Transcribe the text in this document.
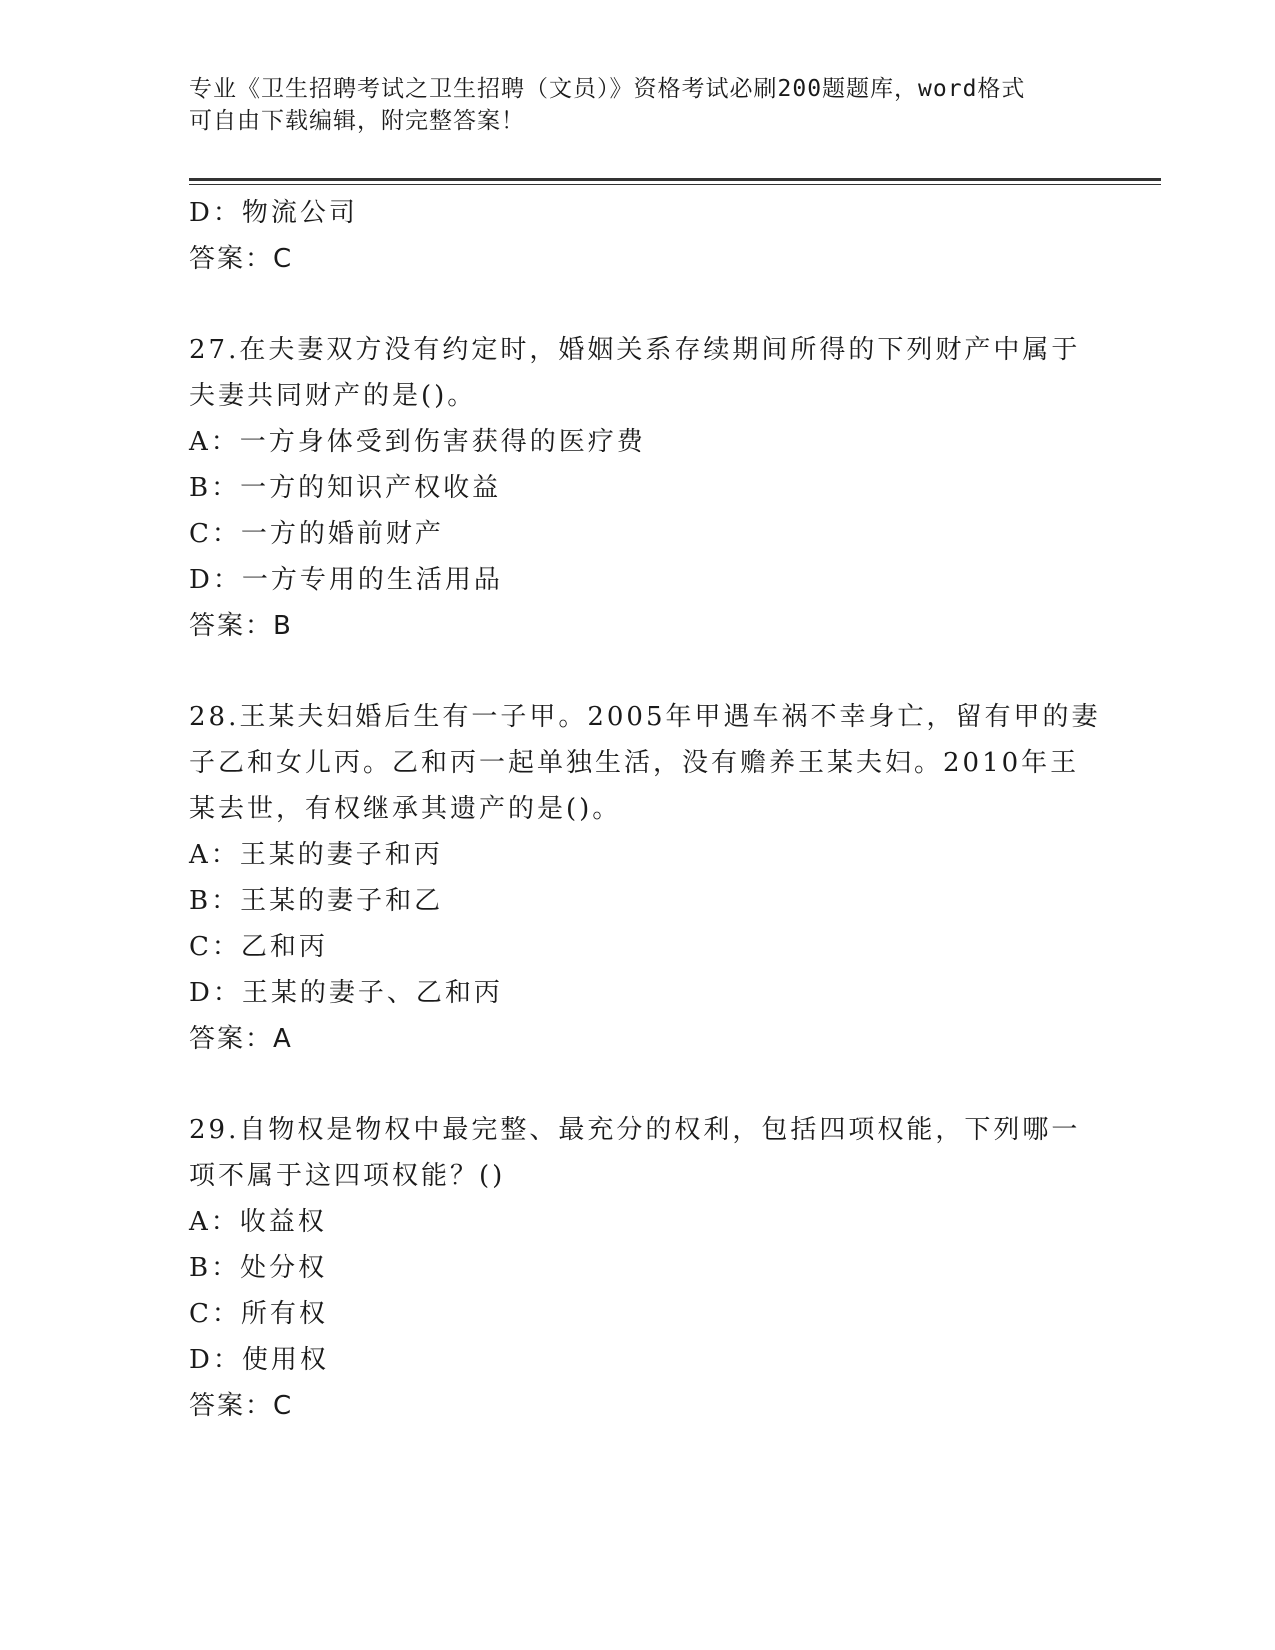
专业《卫生招聘考试之卫生招聘（文员）》资格考试必刷200题题库，word格式
可自由下载编辑，附完整答案！
D：物流公司
答案：C
27.在夫妻双方没有约定时，婚姻关系存续期间所得的下列财产中属于
夫妻共同财产的是()。
A：一方身体受到伤害获得的医疗费
B：一方的知识产权收益
C：一方的婚前财产
D：一方专用的生活用品
答案：B
28.王某夫妇婚后生有一子甲。2005年甲遇车祸不幸身亡，留有甲的妻
子乙和女儿丙。乙和丙一起单独生活，没有赡养王某夫妇。2010年王
某去世，有权继承其遗产的是()。
A：王某的妻子和丙
B：王某的妻子和乙
C：乙和丙
D：王某的妻子、乙和丙
答案：A
29.自物权是物权中最完整、最充分的权利，包括四项权能，下列哪一
项不属于这四项权能？()
A：收益权
B：处分权
C：所有权
D：使用权
答案：C
